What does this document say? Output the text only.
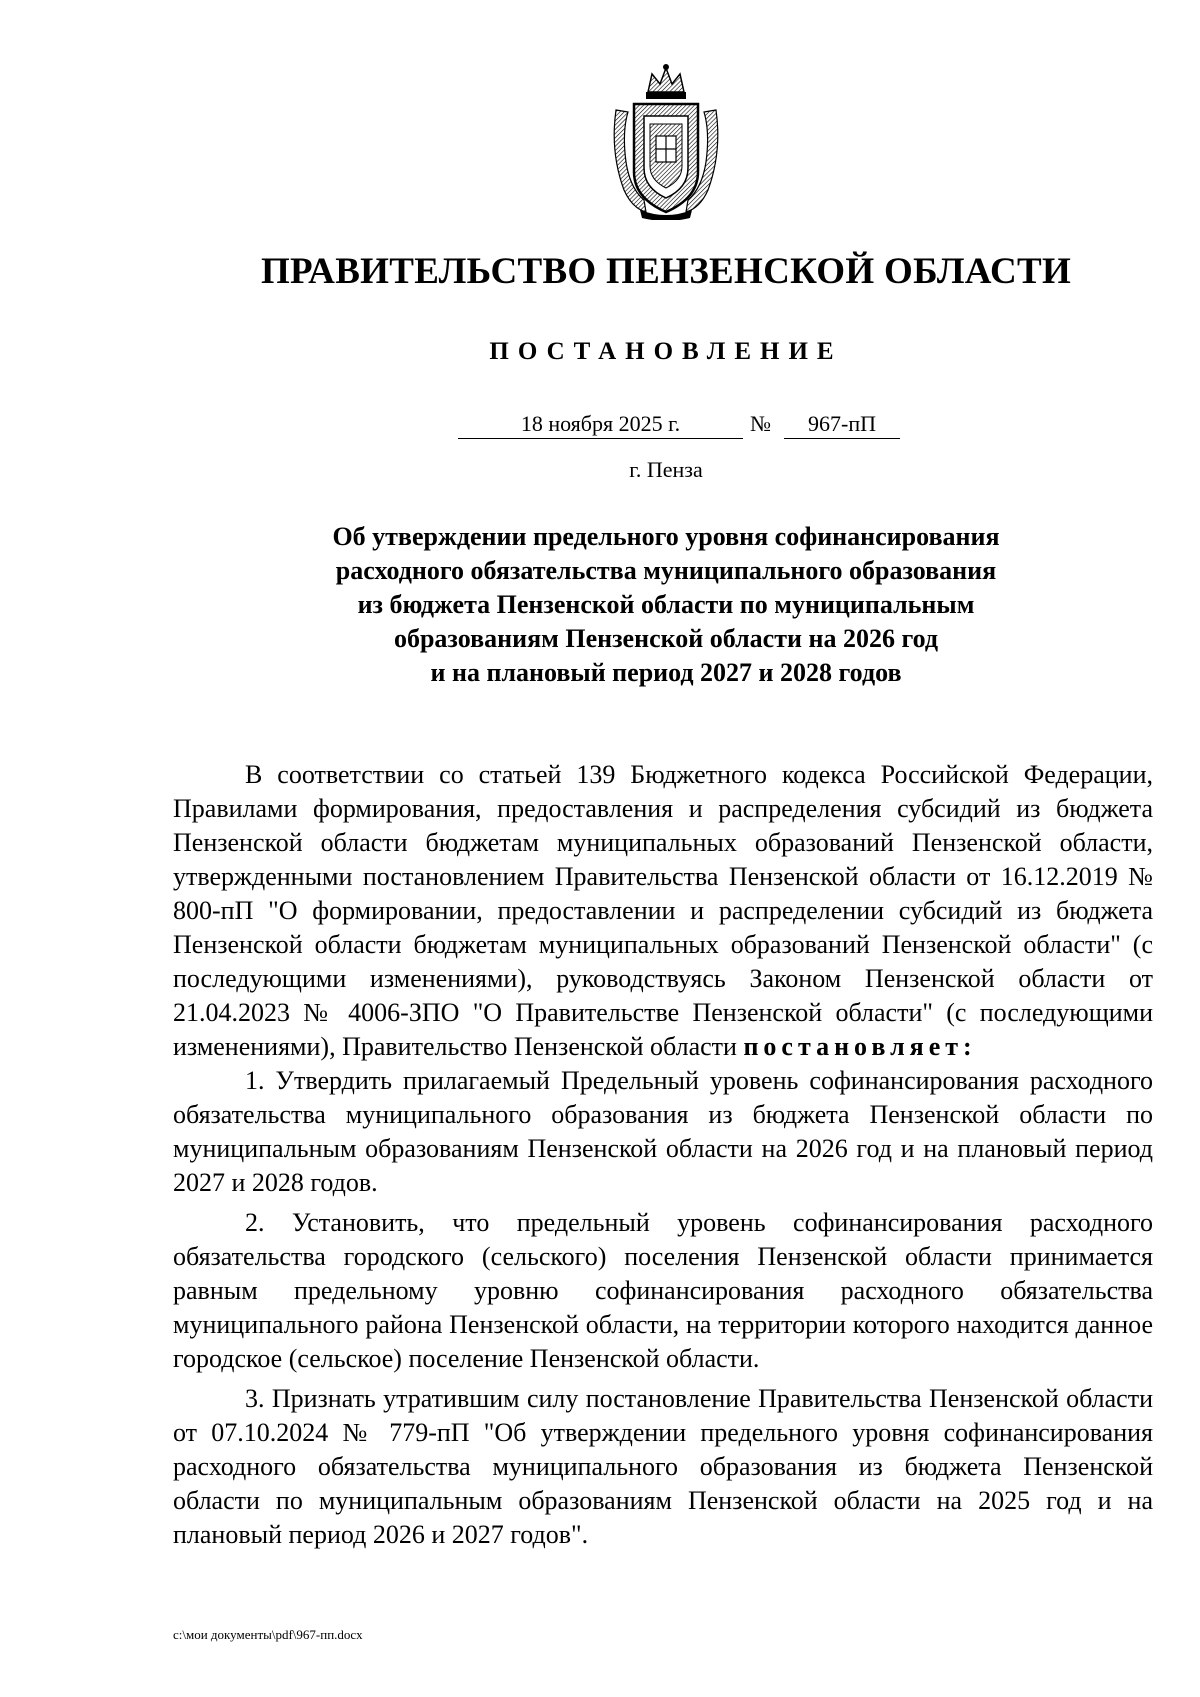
ПРАВИТЕЛЬСТВО ПЕНЗЕНСКОЙ ОБЛАСТИ
ПОСТАНОВЛЕНИЕ
18 ноября 2025 г.	№	967-пП
г. Пенза
Об утверждении предельного уровня софинансирования
расходного обязательства муниципального образования
из бюджета Пензенской области по муниципальным
образованиям Пензенской области на 2026 год
и на плановый период 2027 и 2028 годов

В соответствии со статьей 139 Бюджетного кодекса Российской Федерации, Правилами формирования, предоставления и распределения субсидий из бюджета Пензенской области бюджетам муниципальных образований Пензенской области, утвержденными постановлением Правительства Пензенской области от 16.12.2019 № 800-пП "О формировании, предоставлении и распределении субсидий из бюджета Пензенской области бюджетам муниципальных образований Пензенской области" (с последующими изменениями), руководствуясь Законом Пензенской области от 21.04.2023 № 4006-ЗПО "О Правительстве Пензенской области" (с последующими изменениями), Правительство Пензенской области постановляет:

1. Утвердить прилагаемый Предельный уровень софинансирования расходного обязательства муниципального образования из бюджета Пензенской области по муниципальным образованиям Пензенской области на 2026 год и на плановый период 2027 и 2028 годов.

2. Установить, что предельный уровень софинансирования расходного обязательства городского (сельского) поселения Пензенской области принимается равным предельному уровню софинансирования расходного обязательства муниципального района Пензенской области, на территории которого находится данное городское (сельское) поселение Пензенской области.

3. Признать утратившим силу постановление Правительства Пензенской области от 07.10.2024 № 779-пП "Об утверждении предельного уровня софинансирования расходного обязательства муниципального образования из бюджета Пензенской области по муниципальным образованиям Пензенской области на 2025 год и на плановый период 2026 и 2027 годов".

c:\мои документы\pdf\967-пп.docx
